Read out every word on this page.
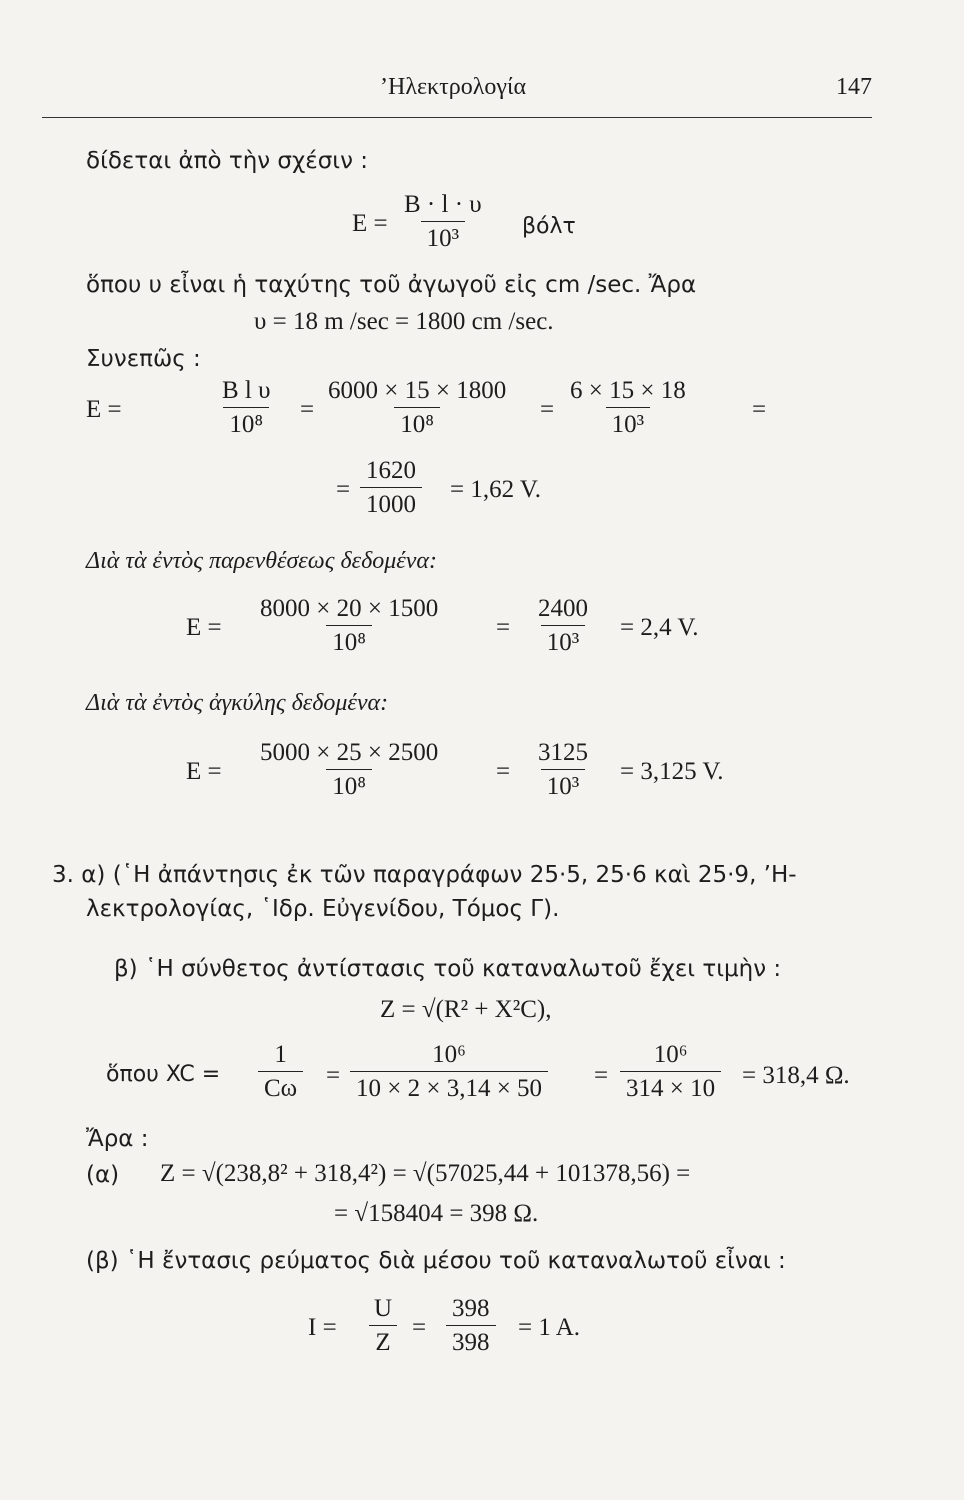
’Ηλεκτρολογία	147
δίδεται ἀπὸ τὴν σχέσιν :
$E = \frac{B \cdot l \cdot \upsilon}{\text{10³}}$ βόλτ
ὅπου υ εἶναι ἡ ταχύτης τοῦ ἀγωγοῦ εἰς cm /sec. Ἄρα
υ = 18 m /sec = 1800 cm /sec.
Συνεπῶς :
E =	$\frac{\text{B l υ}}{\text{10⁸}} = \frac{6000 \times 15 \times 1800}{\text{10⁸}} = \frac{6 \times 15 \times 18}{\text{10³}}$ =
= $\frac{1620}{1000} = 1,62$ V.
Διὰ τὰ ἐντὸς παρενθέσεως δεδομένα:
$E = \frac{8000 \times 20 \times 1500}{\text{10⁸}} = \frac{2400}{\text{10³}} = 2,4$ V.
Διὰ τὰ ἐντὸς ἀγκύλης δεδομένα:
$E = \frac{5000 \times 25 \times 2500}{\text{10⁸}} = \frac{3125}{\text{10³}} = 3,125$ V.
3. α) (῾Η ἀπάντησις ἐκ τῶν παραγράφων 25·5, 25·6 καὶ 25·9, ’Η-
λεκτρολογίας, ῾Ιδρ. Εὐγενίδου, Τόμος Γ).
β) ῾Η σύνθετος ἀντίστασις τοῦ καταναλωτοῦ ἔχει τιμὴν :
Z = √(R² + X²C),
ὅπου XC = $\frac{1}{C\omega} = \frac{\text{10⁶}}{10 \times 2 \times 3,14 \times 50} = \frac{\text{10⁶}}{314 \times 10} = 318,4$ Ω.
Ἄρα :
(α) Z = √(238,8² + 318,4²) = √(57025,44 + 101378,56) =
= √158404 = 398 Ω.
(β) ῾Η ἔντασις ρεύματος διὰ μέσου τοῦ καταναλωτοῦ εἶναι :
$I = \frac{U}{Z} = \frac{398}{398} = 1$ A.
